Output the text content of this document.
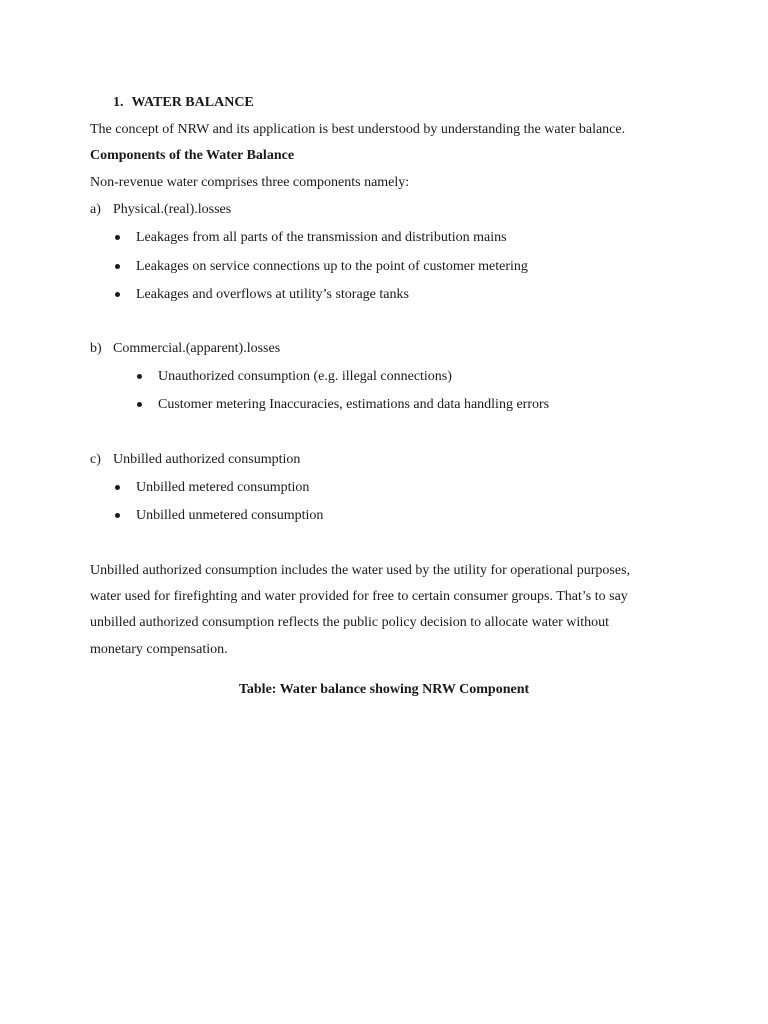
1. WATER BALANCE
The concept of NRW and its application is best understood by understanding the water balance.
Components of the Water Balance
Non-revenue water comprises three components namely:
a) Physical.(real).losses
Leakages from all parts of the transmission and distribution mains
Leakages on service connections up to the point of customer metering
Leakages and overflows at utility’s storage tanks
b) Commercial.(apparent).losses
Unauthorized consumption (e.g. illegal connections)
Customer metering Inaccuracies, estimations and data handling errors
c) Unbilled authorized consumption
Unbilled metered consumption
Unbilled unmetered consumption
Unbilled authorized consumption includes the water used by the utility for operational purposes,
water used for firefighting and water provided for free to certain consumer groups. That’s to say
unbilled authorized consumption reflects the public policy decision to allocate water without
monetary compensation.
Table: Water balance showing NRW Component
